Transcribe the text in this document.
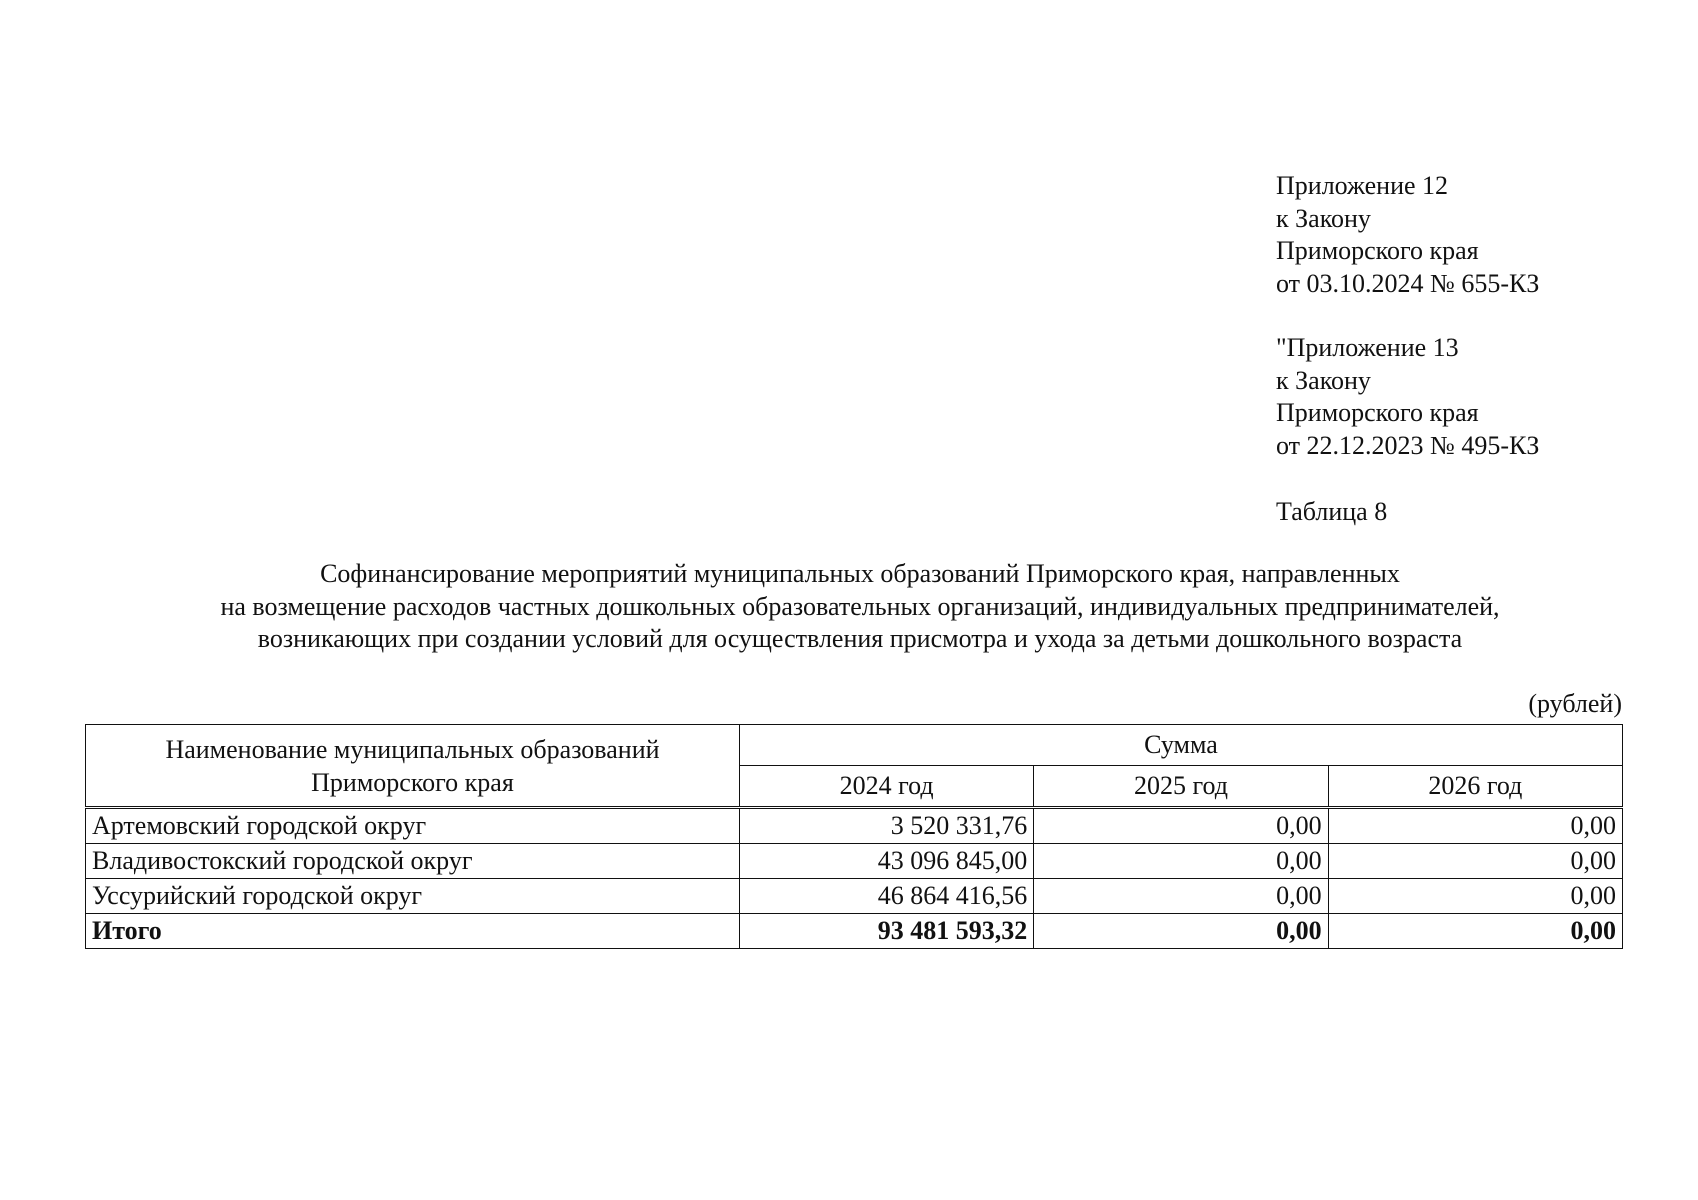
Приложение 12
к Закону
Приморского края
от 03.10.2024 № 655-КЗ
"Приложение 13
к Закону
Приморского края
от 22.12.2023 № 495-КЗ
Таблица 8
Софинансирование мероприятий муниципальных образований Приморского края, направленных
на возмещение расходов частных дошкольных образовательных организаций, индивидуальных предпринимателей,
возникающих при создании условий для осуществления присмотра и ухода за детьми дошкольного возраста
(рублей)
Наименование муниципальных образований
Приморского края	Сумма		
	2024 год	2025 год	2026 год
Артемовский городской округ	3 520 331,76	0,00	0,00
Владивостокский городской округ	43 096 845,00	0,00	0,00
Уссурийский городской округ	46 864 416,56	0,00	0,00
Итого	93 481 593,32	0,00	0,00
